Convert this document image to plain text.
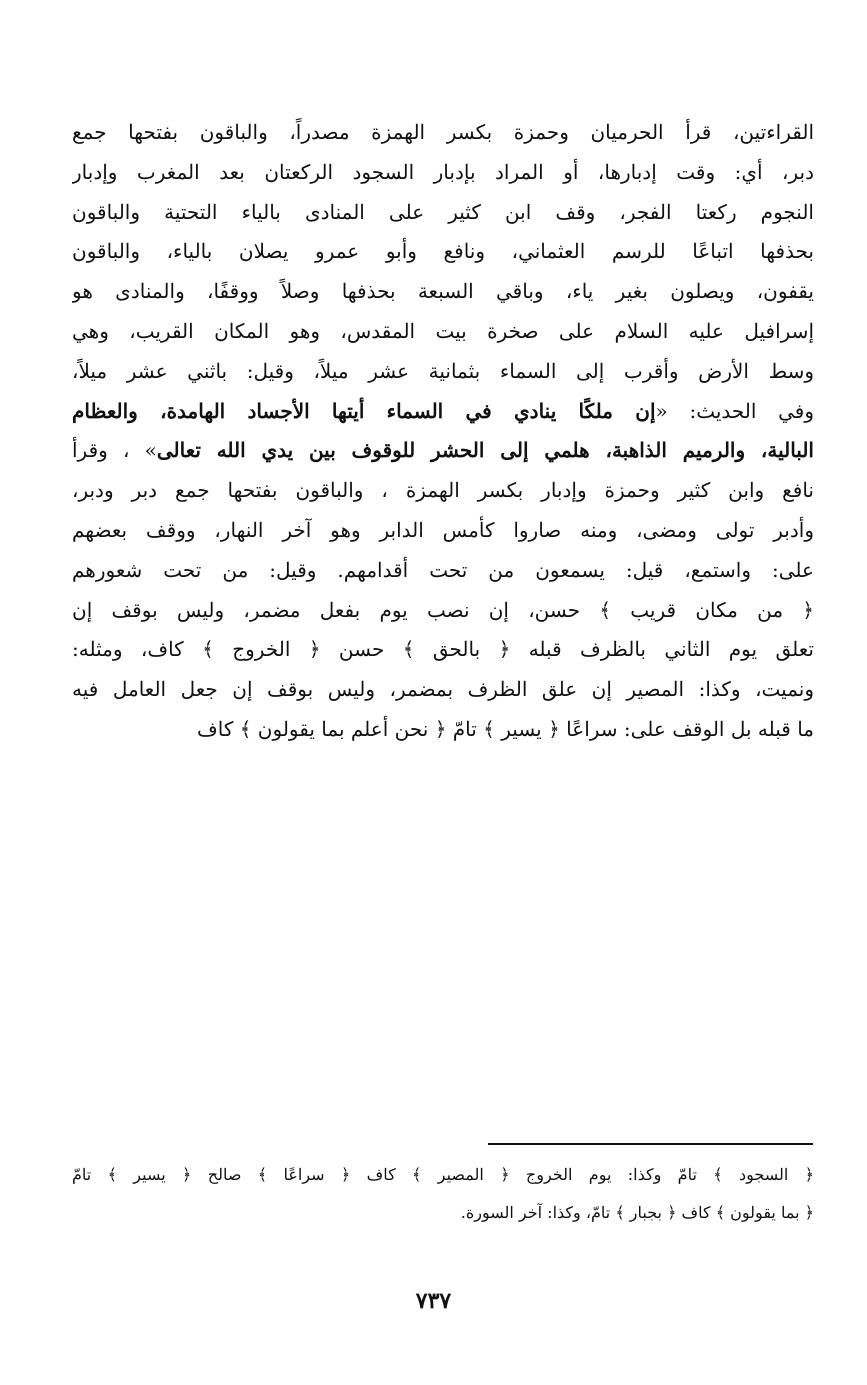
القراءتين، قرأ الحرميان وحمزة بكسر الهمزة مصدراً، والباقون بفتحها جمع
دبر، أي: وقت إدبارها، أو المراد بإدبار السجود الركعتان بعد المغرب وإدبار
النجوم ركعتا الفجر، وقف ابن كثير على المنادى بالياء التحتية والباقون
بحذفها اتباعًا للرسم العثماني، ونافع وأبو عمرو يصلان بالياء، والباقون
يقفون، ويصلون بغير ياء، وباقي السبعة بحذفها وصلاً ووقفًا، والمنادى هو
إسرافيل عليه السلام على صخرة بيت المقدس، وهو المكان القريب، وهي
وسط الأرض وأقرب إلى السماء بثمانية عشر ميلاً، وقيل: باثني عشر ميلاً،
وفي الحديث: «إن ملكًا ينادي في السماء أيتها الأجساد الهامدة، والعظام
البالية، والرميم الذاهبة، هلمي إلى الحشر للوقوف بين يدي الله تعالى» ، وقرأ
نافع وابن كثير وحمزة وإدبار بكسر الهمزة ، والباقون بفتحها جمع دبر ودبر،
وأدبر تولى ومضى، ومنه صاروا كأمس الدابر وهو آخر النهار، ووقف بعضهم
على: واستمع، قيل: يسمعون من تحت أقدامهم. وقيل: من تحت شعورهم
﴿ من مكان قريب ﴾ حسن، إن نصب يوم بفعل مضمر، وليس بوقف إن
تعلق يوم الثاني بالظرف قبله ﴿ بالحق ﴾ حسن ﴿ الخروج ﴾ كاف، ومثله:
ونميت، وكذا: المصير إن علق الظرف بمضمر، وليس بوقف إن جعل العامل فيه
ما قبله بل الوقف على: سراعًا ﴿ يسير ﴾ تامّ ﴿ نحن أعلم بما يقولون ﴾ كاف
﴿ السجود ﴾ تامّ وكذا: يوم الخروج ﴿ المصير ﴾ كاف ﴿ سراعًا ﴾ صالح ﴿ يسير ﴾ تامّ
﴿ بما يقولون ﴾ كاف ﴿ بجبار ﴾ تامّ، وكذا: آخر السورة.
٧٣٧
